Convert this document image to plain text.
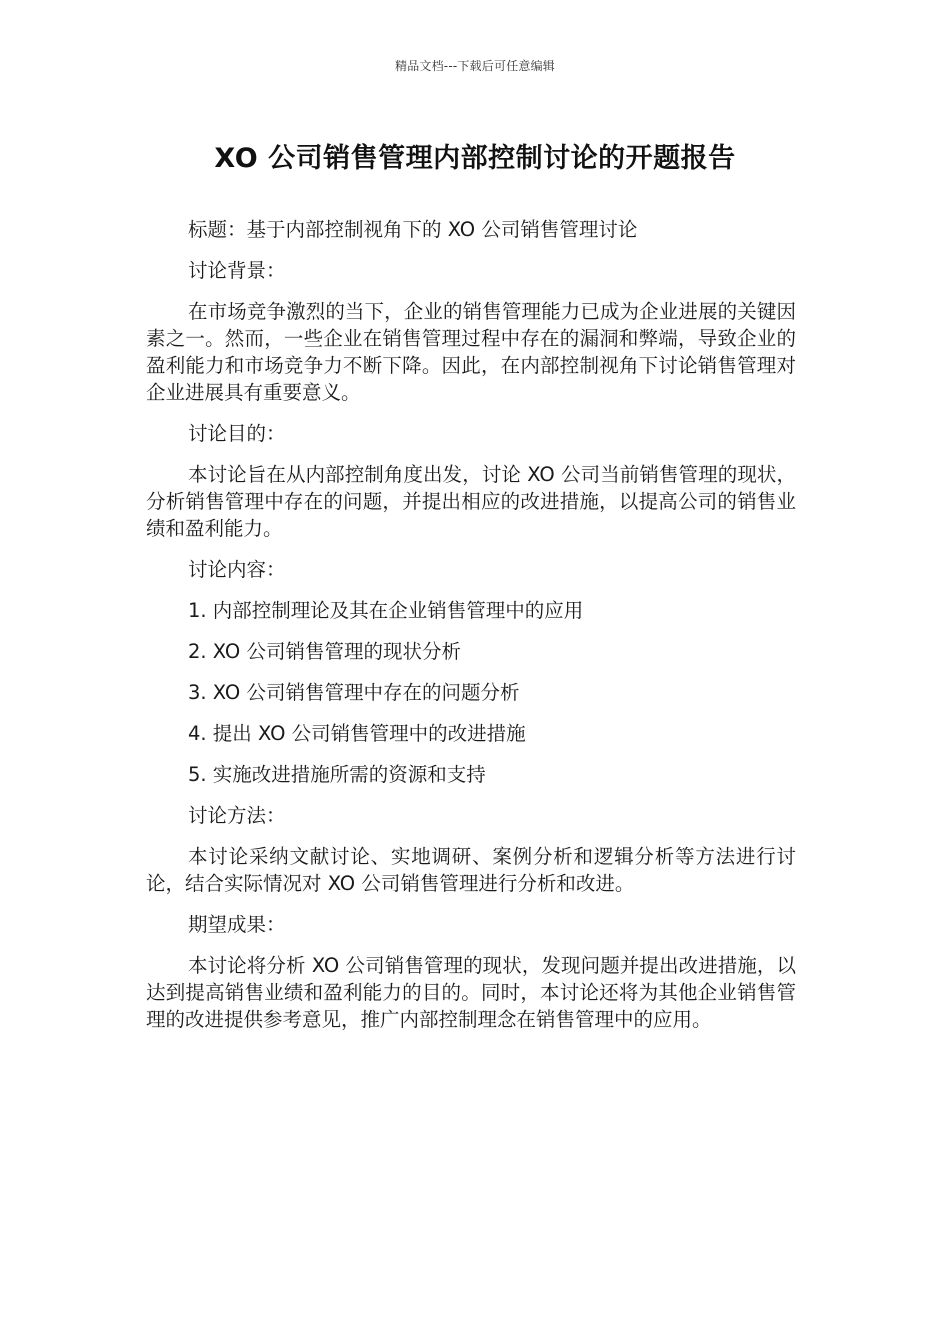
精品文档---下载后可任意编辑
XO 公司销售管理内部控制讨论的开题报告

标题：基于内部控制视角下的 XO 公司销售管理讨论

讨论背景：

在市场竞争激烈的当下，企业的销售管理能力已成为企业进展的关键因素之一。然而，一些企业在销售管理过程中存在的漏洞和弊端，导致企业的盈利能力和市场竞争力不断下降。因此，在内部控制视角下讨论销售管理对企业进展具有重要意义。

讨论目的：

本讨论旨在从内部控制角度出发，讨论 XO 公司当前销售管理的现状，分析销售管理中存在的问题，并提出相应的改进措施，以提高公司的销售业绩和盈利能力。

讨论内容：

1. 内部控制理论及其在企业销售管理中的应用

2. XO 公司销售管理的现状分析

3. XO 公司销售管理中存在的问题分析

4. 提出 XO 公司销售管理中的改进措施

5. 实施改进措施所需的资源和支持

讨论方法：

本讨论采纳文献讨论、实地调研、案例分析和逻辑分析等方法进行讨论，结合实际情况对 XO 公司销售管理进行分析和改进。

期望成果：

本讨论将分析 XO 公司销售管理的现状，发现问题并提出改进措施，以达到提高销售业绩和盈利能力的目的。同时，本讨论还将为其他企业销售管理的改进提供参考意见，推广内部控制理念在销售管理中的应用。
